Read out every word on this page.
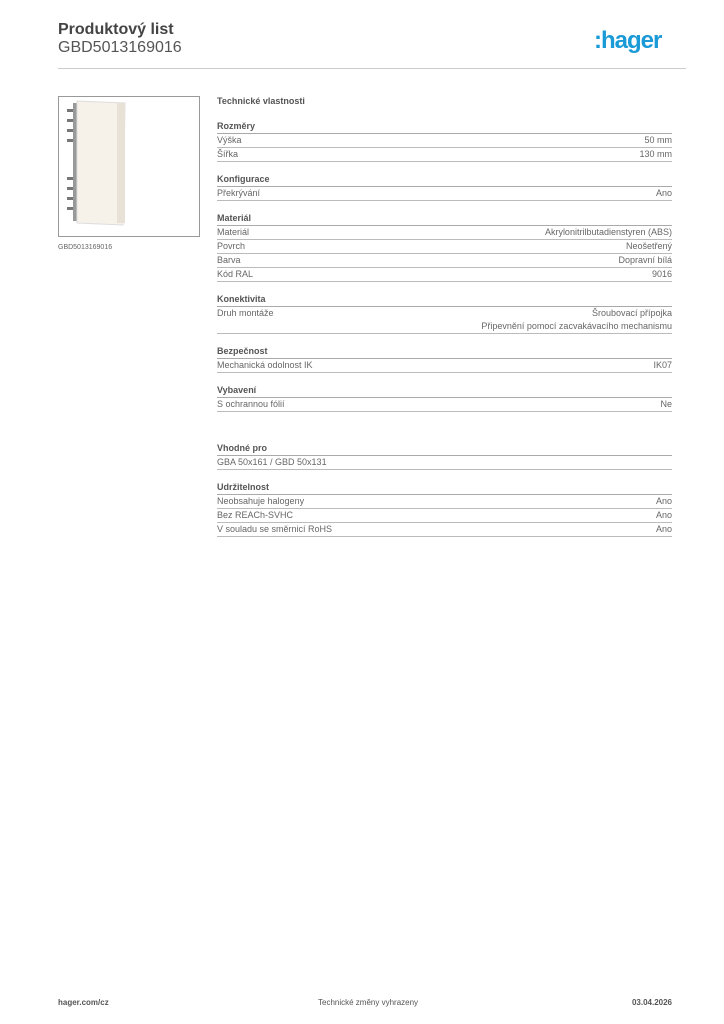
Produktový list
GBD5013169016	:hager
GBD5013169016
Technické vlastnosti
Rozměry
Výška	50 mm
Šířka	130 mm
Konfigurace
Překrývání	Ano
Materiál
Materiál	Akrylonitrilbutadienstyren (ABS)
Povrch	Neošetřený
Barva	Dopravní bílá
Kód RAL	9016
Konektivita
Druh montáže	Šroubovací přípojka
Připevnění pomocí zacvakávacího mechanismu
Bezpečnost
Mechanická odolnost IK	IK07
Vybavení
S ochrannou fólií	Ne
Vhodné pro
GBA 50x161 / GBD 50x131
Udržitelnost
Neobsahuje halogeny	Ano
Bez REACh-SVHC	Ano
V souladu se směrnicí RoHS	Ano
hager.com/cz	Technické změny vyhrazeny	03.04.2026
